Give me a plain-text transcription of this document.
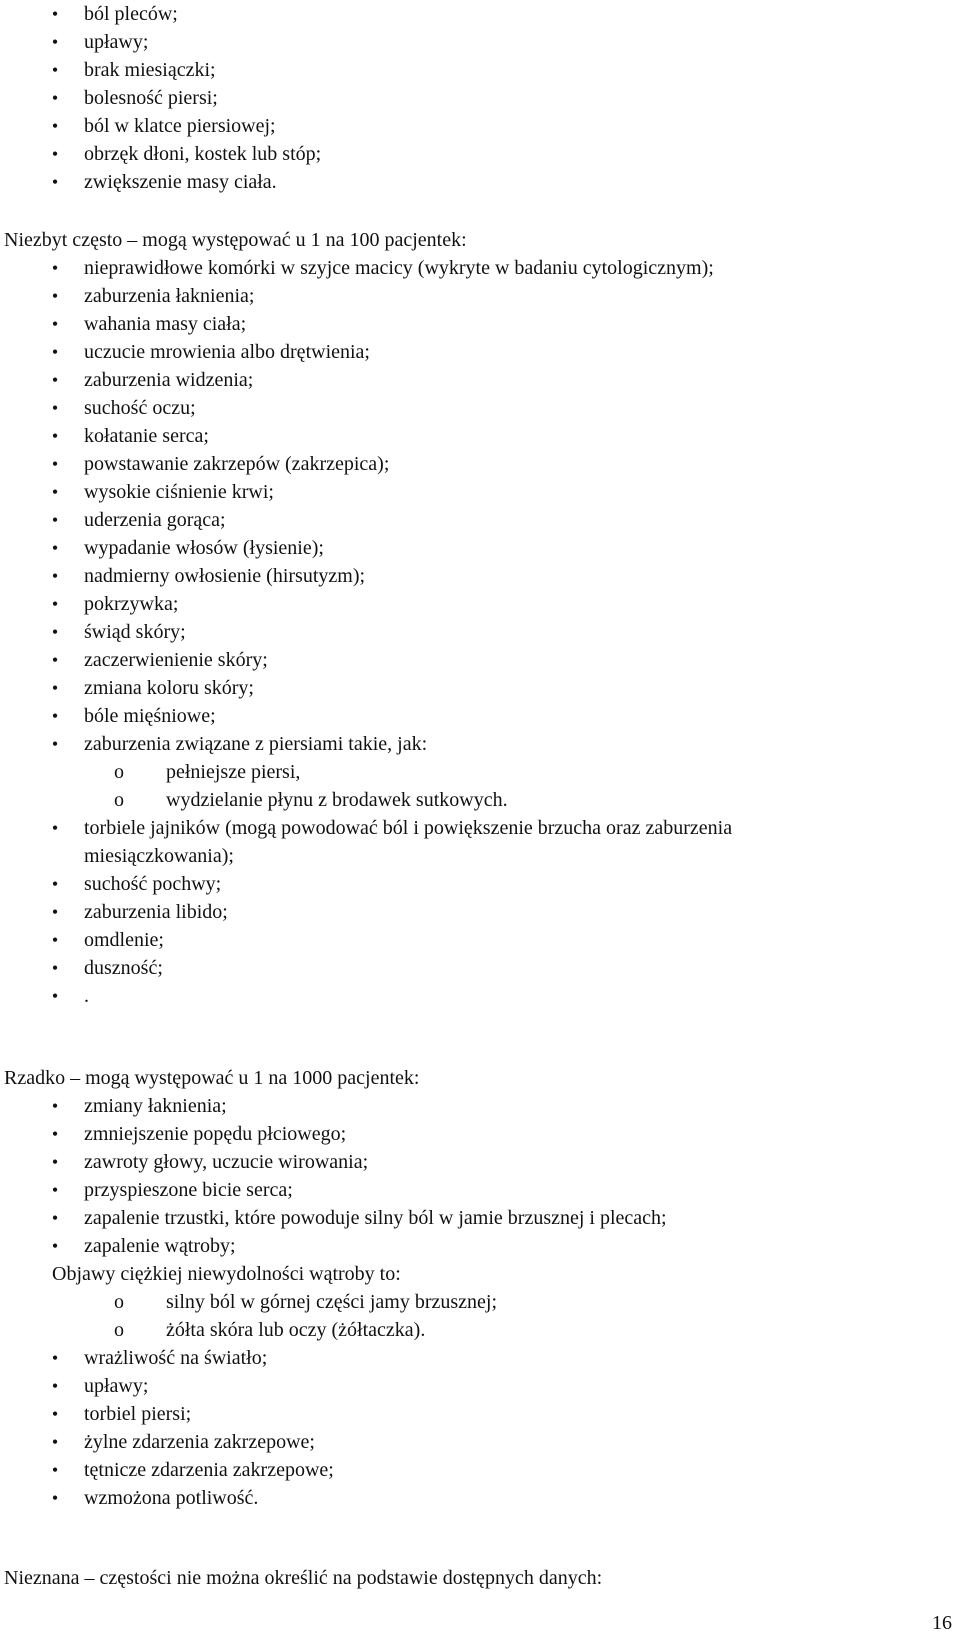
• ból pleców;
• upławy;
• brak miesiączki;
• bolesność piersi;
• ból w klatce piersiowej;
• obrzęk dłoni, kostek lub stóp;
• zwiększenie masy ciała.
Niezbyt często – mogą występować u 1 na 100 pacjentek:
• nieprawidłowe komórki w szyjce macicy (wykryte w badaniu cytologicznym);
• zaburzenia łaknienia;
• wahania masy ciała;
• uczucie mrowienia albo drętwienia;
• zaburzenia widzenia;
• suchość oczu;
• kołatanie serca;
• powstawanie zakrzepów (zakrzepica);
• wysokie ciśnienie krwi;
• uderzenia gorąca;
• wypadanie włosów (łysienie);
• nadmierny owłosienie (hirsutyzm);
• pokrzywka;
• świąd skóry;
• zaczerwienienie skóry;
• zmiana koloru skóry;
• bóle mięśniowe;
• zaburzenia związane z piersiami takie, jak:
o pełniejsze piersi,
o wydzielanie płynu z brodawek sutkowych.
• torbiele jajników (mogą powodować ból i powiększenie brzucha oraz zaburzenia
miesiączkowania);
• suchość pochwy;
• zaburzenia libido;
• omdlenie;
• duszność;
• .
Rzadko – mogą występować u 1 na 1000 pacjentek:
• zmiany łaknienia;
• zmniejszenie popędu płciowego;
• zawroty głowy, uczucie wirowania;
• przyspieszone bicie serca;
• zapalenie trzustki, które powoduje silny ból w jamie brzusznej i plecach;
• zapalenie wątroby;
Objawy ciężkiej niewydolności wątroby to:
o silny ból w górnej części jamy brzusznej;
o żółta skóra lub oczy (żółtaczka).
• wrażliwość na światło;
• upławy;
• torbiel piersi;
• żylne zdarzenia zakrzepowe;
• tętnicze zdarzenia zakrzepowe;
• wzmożona potliwość.
Nieznana – częstości nie można określić na podstawie dostępnych danych:
16
